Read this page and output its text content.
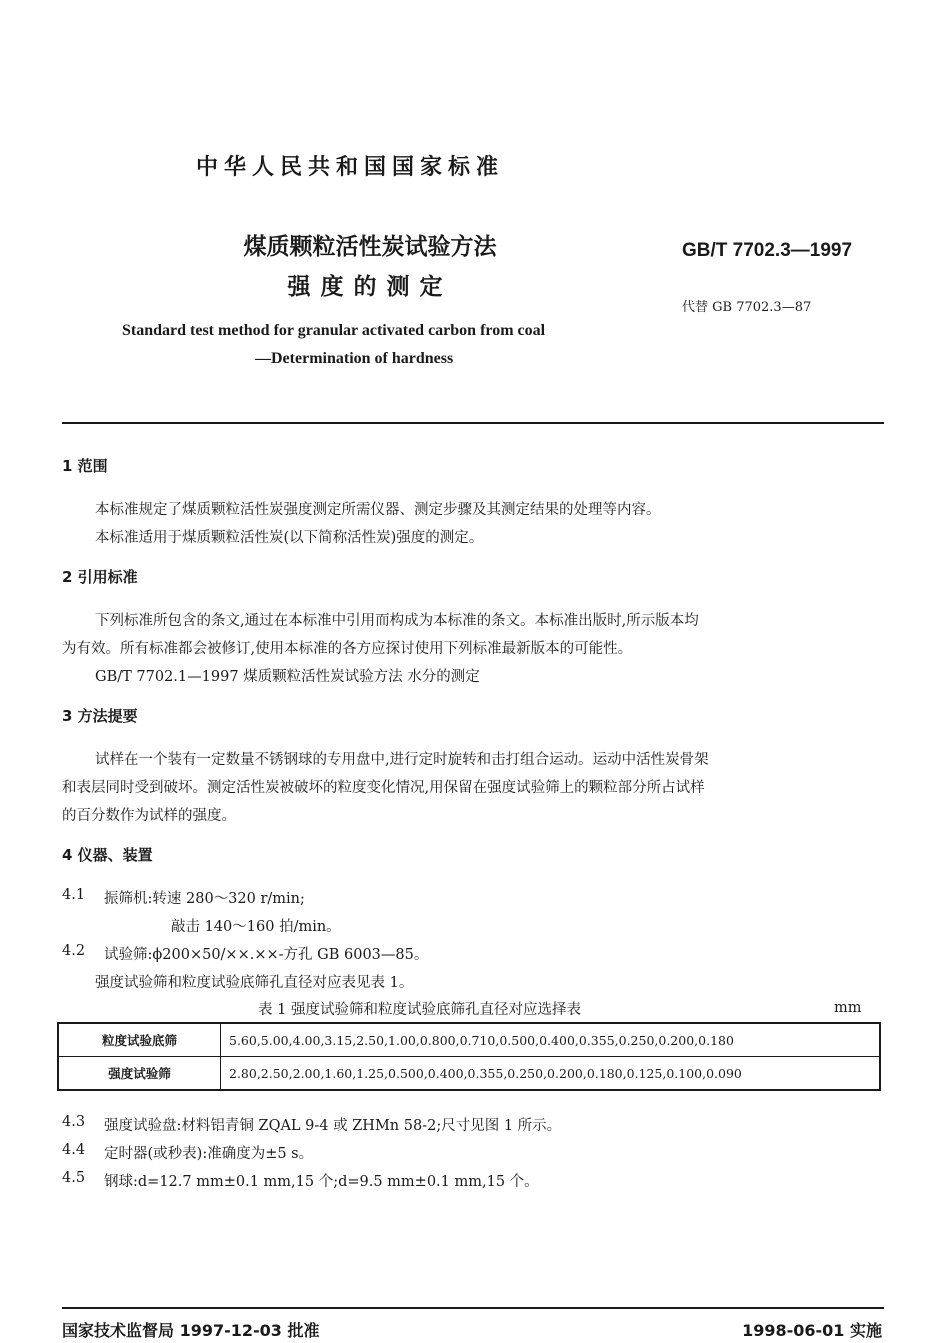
中华人民共和国国家标准
煤质颗粒活性炭试验方法
强度的测定
GB/T 7702.3—1997
代替 GB 7702.3—87
Standard test method for granular activated carbon from coal
—Determination of hardness
1 范围
本标准规定了煤质颗粒活性炭强度测定所需仪器、测定步骤及其测定结果的处理等内容。
本标准适用于煤质颗粒活性炭(以下简称活性炭)强度的测定。
2 引用标准
下列标准所包含的条文,通过在本标准中引用而构成为本标准的条文。本标准出版时,所示版本均
为有效。所有标准都会被修订,使用本标准的各方应探讨使用下列标准最新版本的可能性。
GB/T 7702.1—1997 煤质颗粒活性炭试验方法 水分的测定
3 方法提要
试样在一个装有一定数量不锈钢球的专用盘中,进行定时旋转和击打组合运动。运动中活性炭骨架
和表层同时受到破坏。测定活性炭被破坏的粒度变化情况,用保留在强度试验筛上的颗粒部分所占试样
的百分数作为试样的强度。
4 仪器、装置
4.1 振筛机:转速 280～320 r/min;
敲击 140～160 拍/min。
4.2 试验筛:ϕ200×50/××.××-方孔 GB 6003—85。
强度试验筛和粒度试验底筛孔直径对应表见表 1。
表 1 强度试验筛和粒度试验底筛孔直径对应选择表	mm
粒度试验底筛	5.60,5.00,4.00,3.15,2.50,1.00,0.800,0.710,0.500,0.400,0.355,0.250,0.200,0.180
强度试验筛	2.80,2.50,2.00,1.60,1.25,0.500,0.400,0.355,0.250,0.200,0.180,0.125,0.100,0.090
4.3 强度试验盘:材料铝青铜 ZQAL 9-4 或 ZHMn 58-2;尺寸见图 1 所示。
4.4 定时器(或秒表):准确度为±5 s。
4.5 钢球:d=12.7 mm±0.1 mm,15 个;d=9.5 mm±0.1 mm,15 个。
国家技术监督局 1997-12-03 批准	1998-06-01 实施
